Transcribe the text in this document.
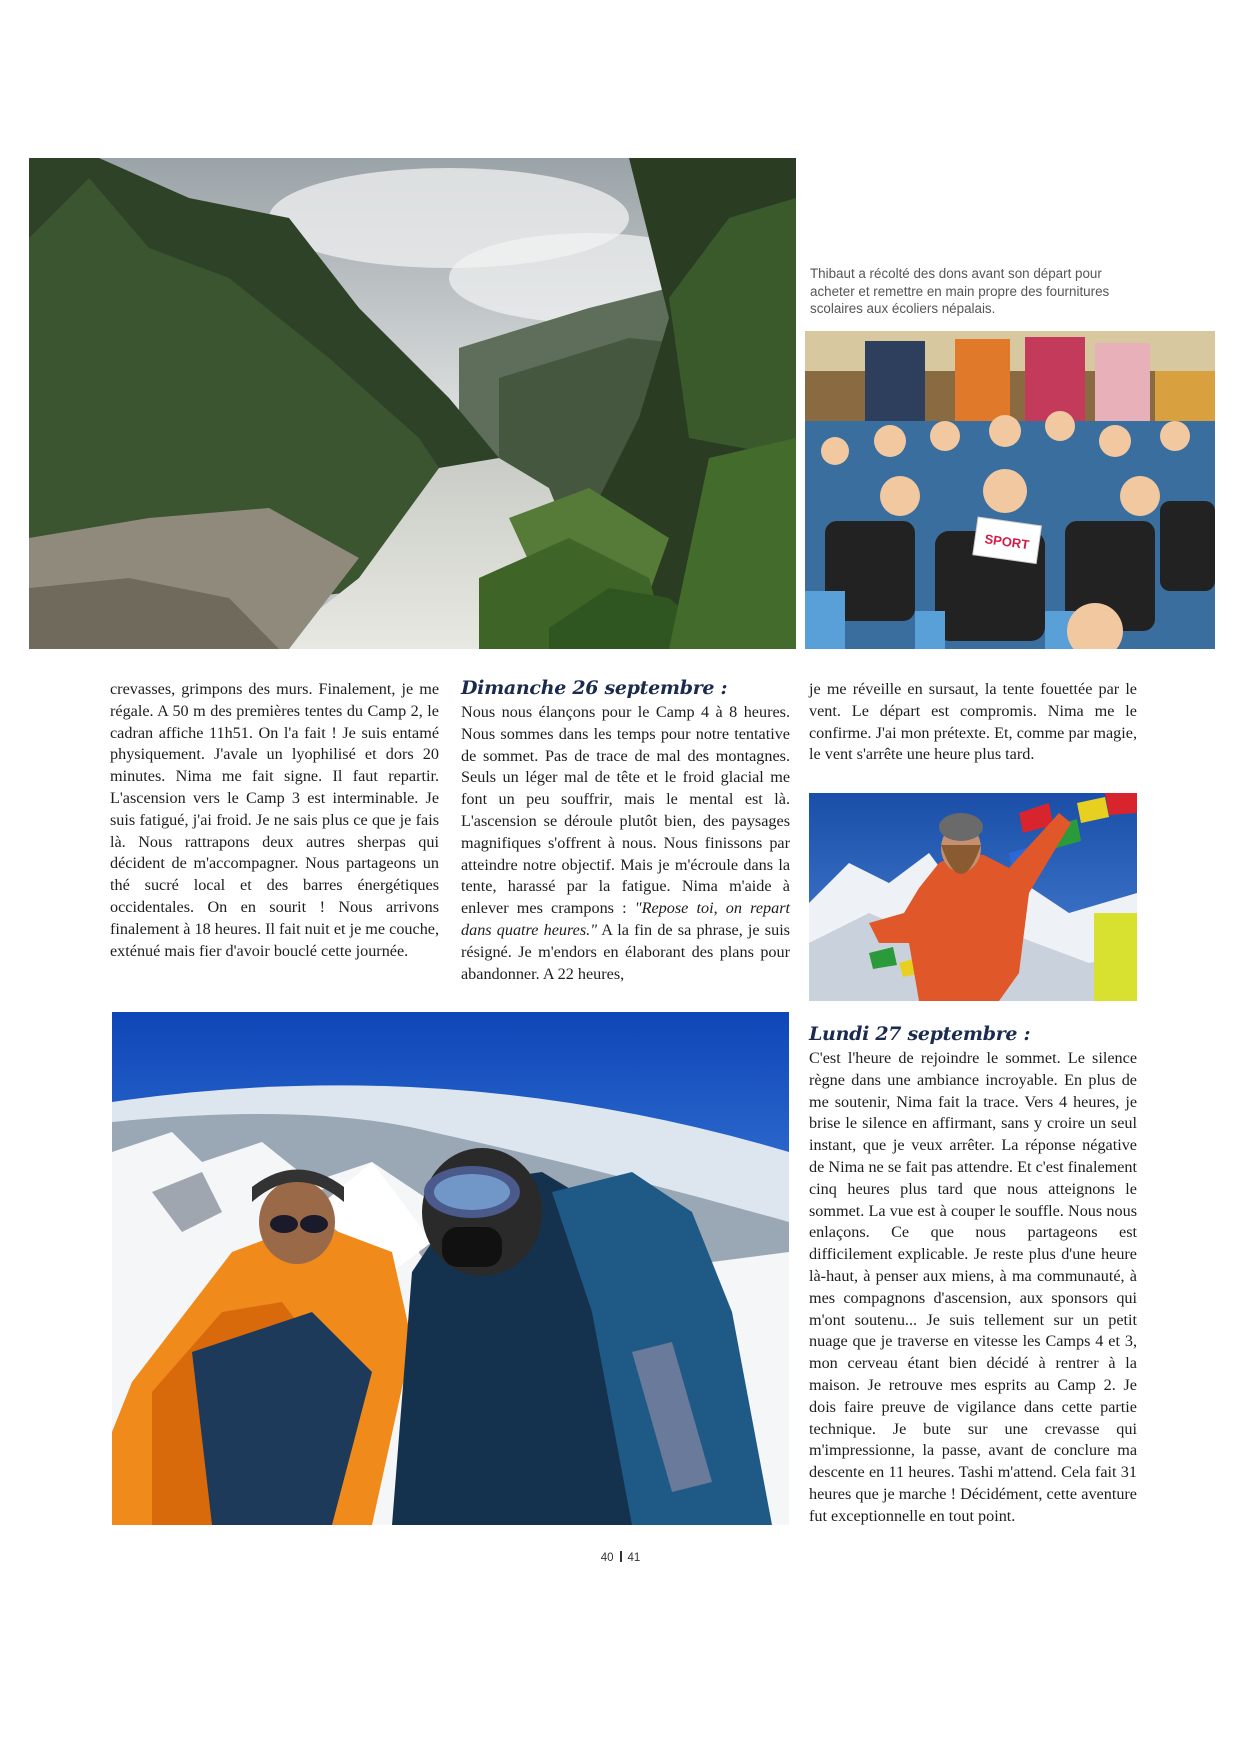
Thibaut a récolté des dons avant son départ pour acheter et remettre en main propre des fournitures scolaires aux écoliers népalais.
SPORT

crevasses, grimpons des murs. Finalement, je me régale. A 50 m des premières tentes du Camp 2, le cadran affiche 11h51. On l'a fait ! Je suis entamé physiquement. J'avale un lyophilisé et dors 20 minutes. Nima me fait signe. Il faut repartir. L'ascension vers le Camp 3 est interminable. Je suis fatigué, j'ai froid. Je ne sais plus ce que je fais là. Nous rattrapons deux autres sherpas qui décident de m'accompagner. Nous partageons un thé sucré local et des barres énergétiques occidentales. On en sourit ! Nous arrivons finalement à 18 heures. Il fait nuit et je me couche, exténué mais fier d'avoir bouclé cette journée.

Dimanche 26 septembre :

Nous nous élançons pour le Camp 4 à 8 heures. Nous sommes dans les temps pour notre tentative de sommet. Pas de trace de mal des montagnes. Seuls un léger mal de tête et le froid glacial me font un peu souffrir, mais le mental est là. L'ascension se déroule plutôt bien, des paysages magnifiques s'offrent à nous. Nous finissons par atteindre notre objectif. Mais je m'écroule dans la tente, harassé par la fatigue. Nima m'aide à enlever mes crampons : "Repose toi, on repart dans quatre heures." A la fin de sa phrase, je suis résigné. Je m'endors en élaborant des plans pour abandonner. A 22 heures,

je me réveille en sursaut, la tente fouettée par le vent. Le départ est compromis. Nima me le confirme. J'ai mon prétexte. Et, comme par magie, le vent s'arrête une heure plus tard.

Lundi 27 septembre :

C'est l'heure de rejoindre le sommet. Le silence règne dans une ambiance incroyable. En plus de me soutenir, Nima fait la trace. Vers 4 heures, je brise le silence en affirmant, sans y croire un seul instant, que je veux arrêter. La réponse négative de Nima ne se fait pas attendre. Et c'est finalement cinq heures plus tard que nous atteignons le sommet. La vue est à couper le souffle. Nous nous enlaçons. Ce que nous partageons est difficilement explicable. Je reste plus d'une heure là-haut, à penser aux miens, à ma communauté, à mes compagnons d'ascension, aux sponsors qui m'ont soutenu... Je suis tellement sur un petit nuage que je traverse en vitesse les Camps 4 et 3, mon cerveau étant bien décidé à rentrer à la maison. Je retrouve mes esprits au Camp 2. Je dois faire preuve de vigilance dans cette partie technique. Je bute sur une crevasse qui m'impressionne, la passe, avant de conclure ma descente en 11 heures. Tashi m'attend. Cela fait 31 heures que je marche ! Décidément, cette aventure fut exceptionnelle en tout point.

40 41
